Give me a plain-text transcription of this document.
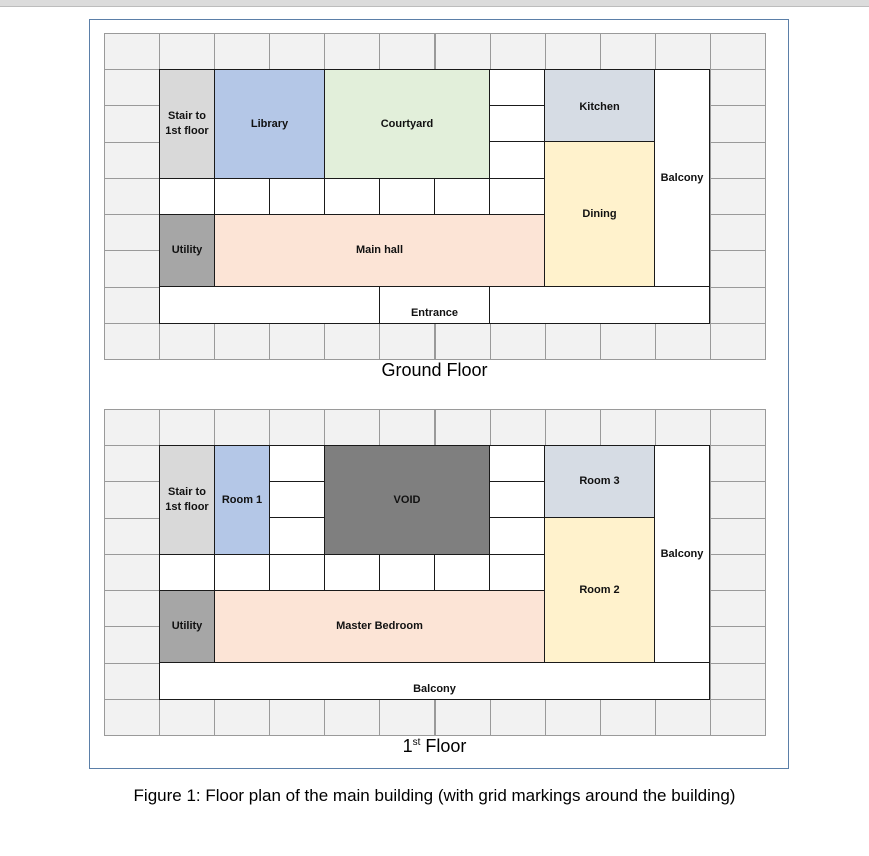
Stair to
1st floor
Library	Courtyard
Kitchen
Balcony
Dining
Utility	Main hall
Entrance
Ground Floor
Stair to
1st floor
Room 1	VOID
Room 3
Balcony
Room 2
Utility	Master Bedroom
Balcony
1st Floor
Figure 1: Floor plan of the main building (with grid markings around the building)
